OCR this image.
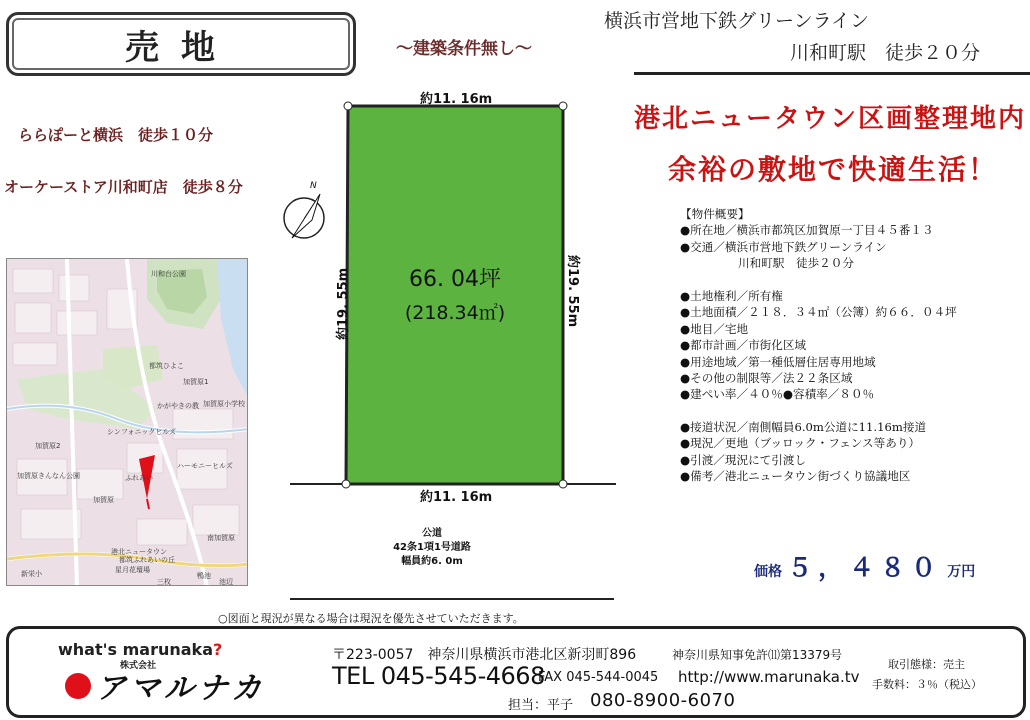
売地	～建築条件無し～
横浜市営地下鉄グリーンライン
川和町駅　徒歩２０分
ららぽーと横浜　徒歩１０分
オーケーストア川和町店　徒歩８分
港北ニュータウン区画整理地内
余裕の敷地で快適生活！
N
川和台公園
都筑ひよこ
加賀原1
加賀原2
加賀原きんなん公園
シンフォニックヒルズ
かがやきの教 加賀原小学校
ハーモニーヒルズ
ふれあい
加賀原
南加賀原
港北ニュータウン
都筑ふれあいの丘
新栄小	星月花壇場
鴨池
三枚	池辺
約11. 16m
約11. 16m
約19. 55m	約19. 55m
66. 04坪
(218.34㎡)
公道
42条1項1号道路
幅員約6. 0m
○図面と現況が異なる場合は現況を優先させていただきます。
【物件概要】
●所在地／横浜市都筑区加賀原一丁目４５番１３
●交通／横浜市営地下鉄グリーンライン
　　　　　川和町駅　徒歩２０分
●土地権利／所有権
●土地面積／２１８．３４㎡（公簿）約６６．０４坪
●地目／宅地
●都市計画／市街化区域
●用途地域／第一種低層住居専用地域
●その他の制限等／法２２条区域
●建ぺい率／４０％●容積率／８０％
●接道状況／南側幅員6.0m公道に11.16m接道
●現況／更地（ブッロック・フェンス等あり）
●引渡／現況にて引渡し
●備考／港北ニュータウン街づくり協議地区
価格 ５，４８０ 万円
what's marunaka?
株式会社
アマルナカ
〒223-0057　神奈川県横浜市港北区新羽町896	神奈川県知事免許⑾第13379号
TEL 045-545-4668
FAX 045-544-0045 http://www.marunaka.tv
担当：平子 080-8900-6070
取引態様：売主
手数料：３％（税込）
